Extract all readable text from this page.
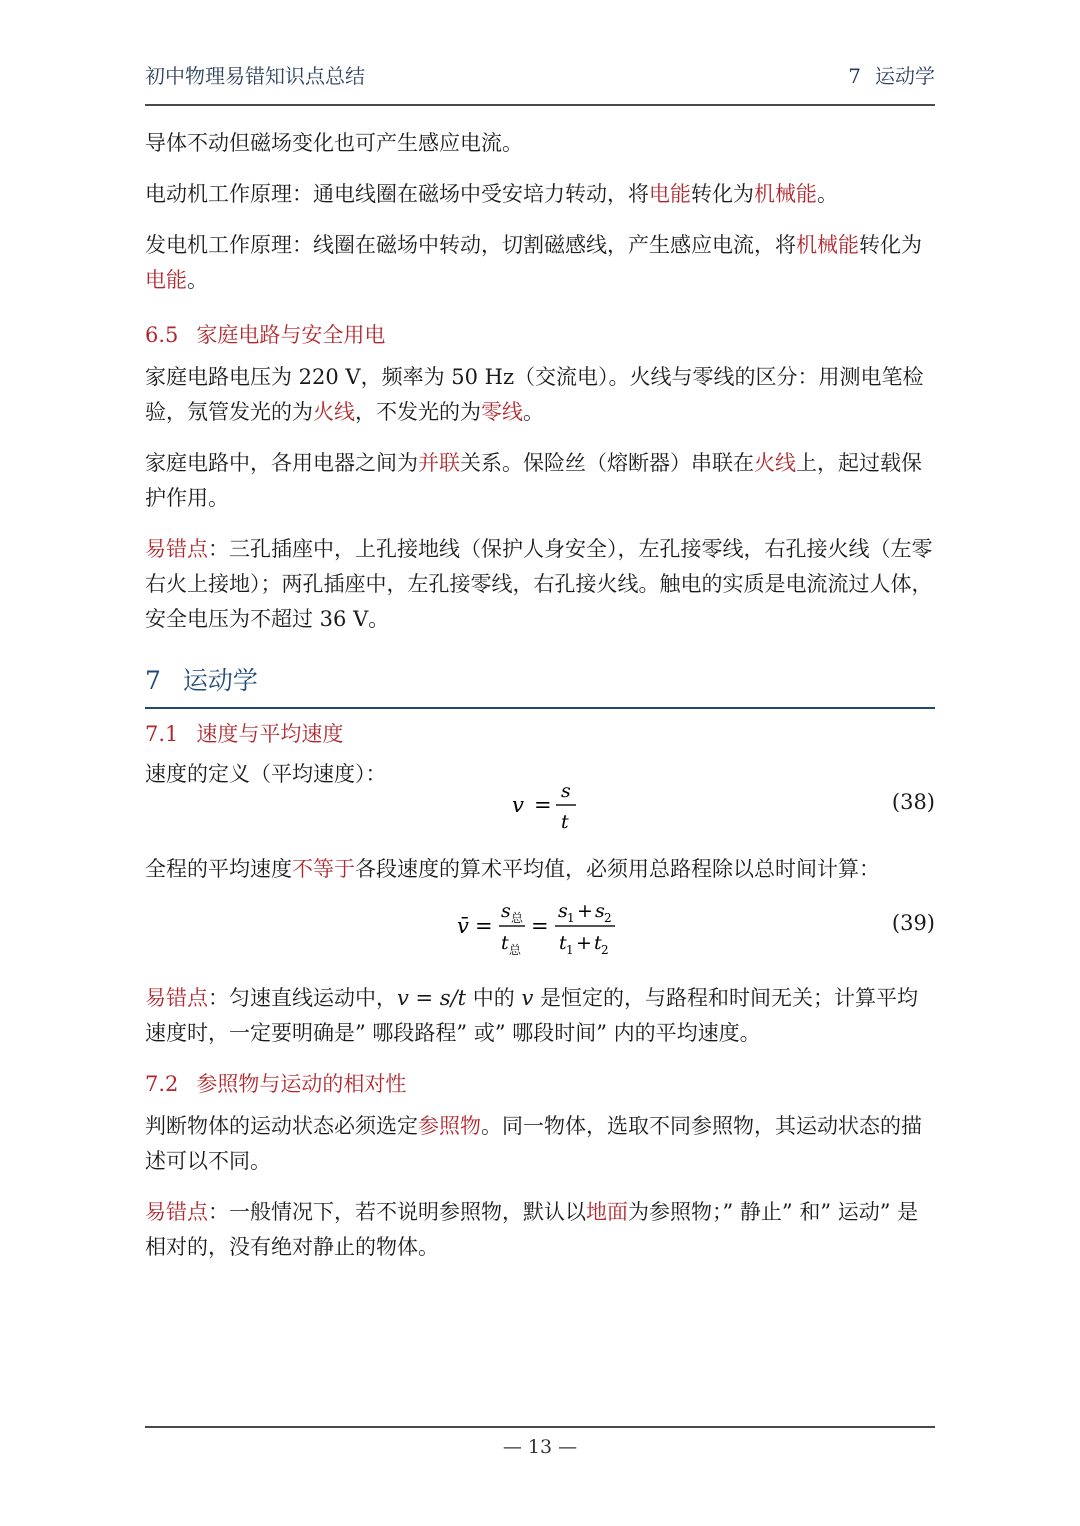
初中物理易错知识点总结	7 运动学

导体不动但磁场变化也可产生感应电流。

电动机工作原理：通电线圈在磁场中受安培力转动，将电能转化为机械能。

发电机工作原理：线圈在磁场中转动，切割磁感线，产生感应电流，将机械能转化为电能。

6.5 家庭电路与安全用电

家庭电路电压为 220 V，频率为 50 Hz（交流电）。火线与零线的区分：用测电笔检验，氖管发光的为火线，不发光的为零线。

家庭电路中，各用电器之间为并联关系。保险丝（熔断器）串联在火线上，起过载保护作用。

易错点：三孔插座中，上孔接地线（保护人身安全），左孔接零线，右孔接火线（左零右火上接地）；两孔插座中，左孔接零线，右孔接火线。触电的实质是电流流过人体，安全电压为不超过 36 V。

7 运动学
7.1 速度与平均速度

速度的定义（平均速度）：

v =
s
t
(38)

全程的平均速度不等于各段速度的算术平均值，必须用总路程除以总时间计算：

v̄ =
s 总
t 总
=
s 1 + s 2
t 1 + t 2
(39)

易错点：匀速直线运动中，v = s/t 中的 v 是恒定的，与路程和时间无关；计算平均速度时，一定要明确是” 哪段路程” 或” 哪段时间” 内的平均速度。

7.2 参照物与运动的相对性

判断物体的运动状态必须选定参照物。同一物体，选取不同参照物，其运动状态的描述可以不同。

易错点：一般情况下，若不说明参照物，默认以地面为参照物；” 静止” 和” 运动” 是相对的，没有绝对静止的物体。

— 13 —
